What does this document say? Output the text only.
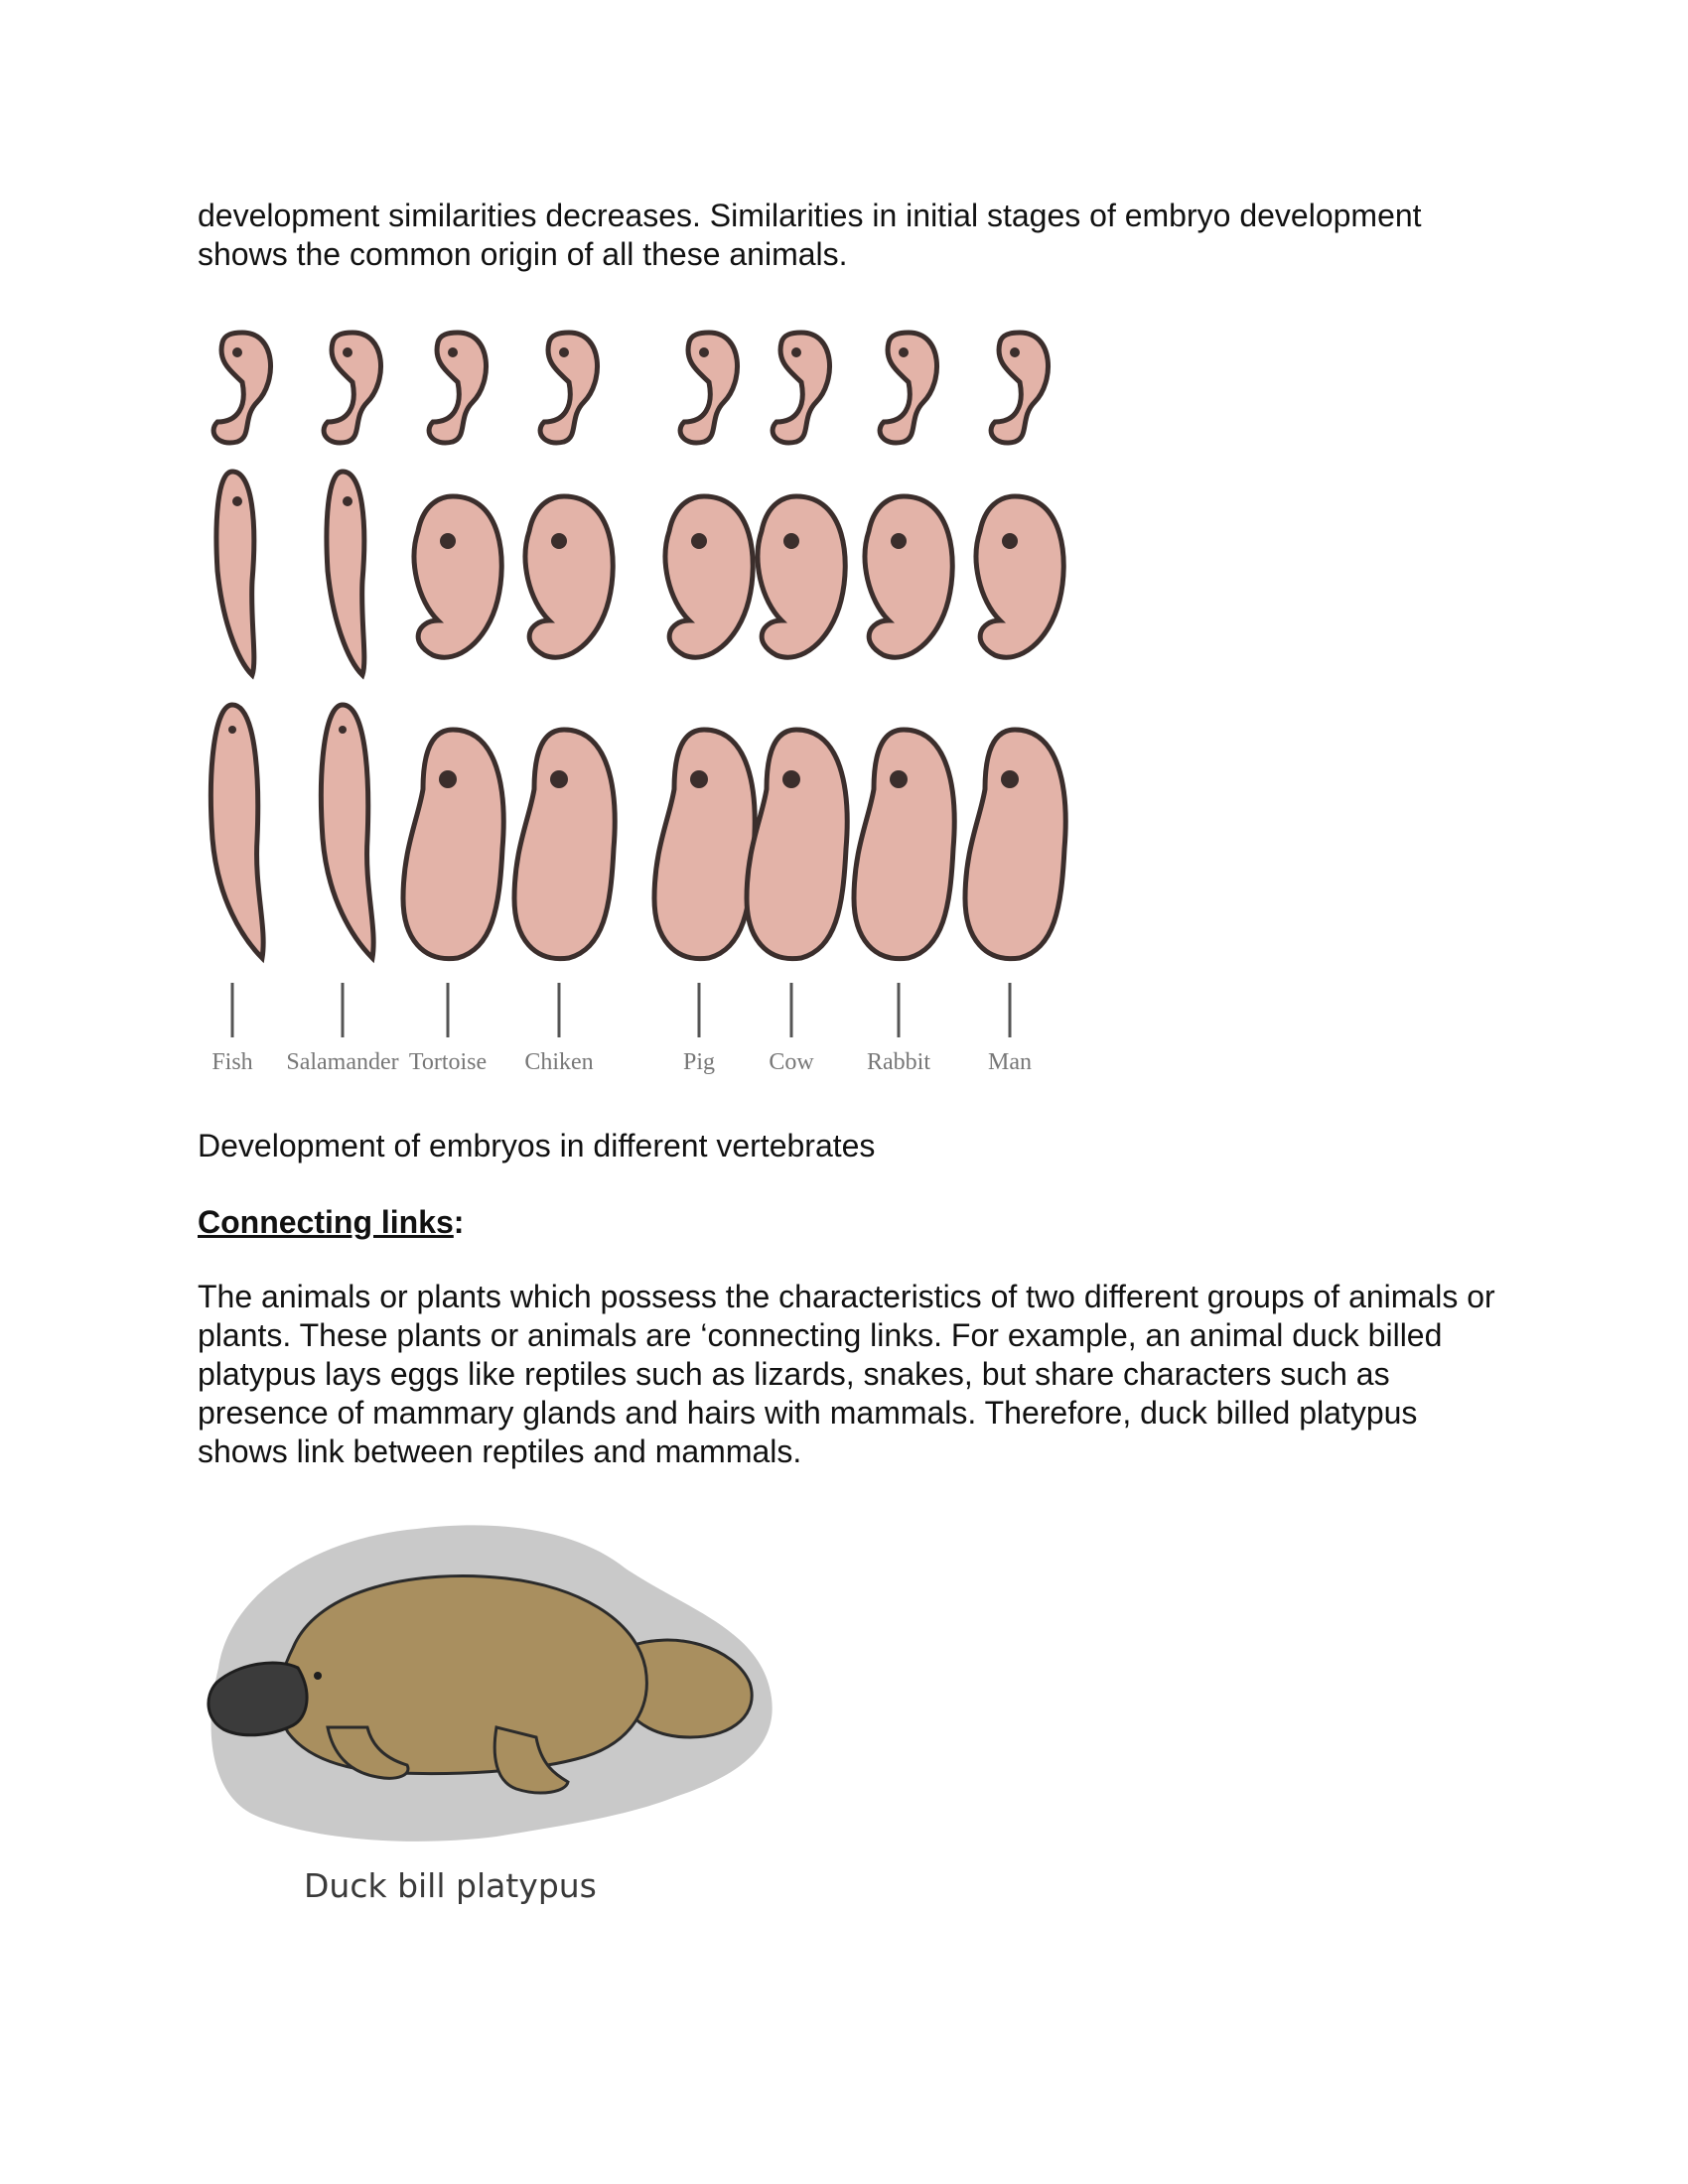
development similarities decreases. Similarities in initial stages of embryo development shows the common origin of all these animals.

Fish Salamander Tortoise Chiken	Pig Cow Rabbit Man

Development of embryos in different vertebrates

Connecting links:

The animals or plants which possess the characteristics of two different groups of animals or plants. These plants or animals are ‘connecting links. For example, an animal duck billed platypus lays eggs like reptiles such as lizards, snakes, but share characters such as presence of mammary glands and hairs with mammals. Therefore, duck billed platypus shows link between reptiles and mammals.

Duck bill platypus
